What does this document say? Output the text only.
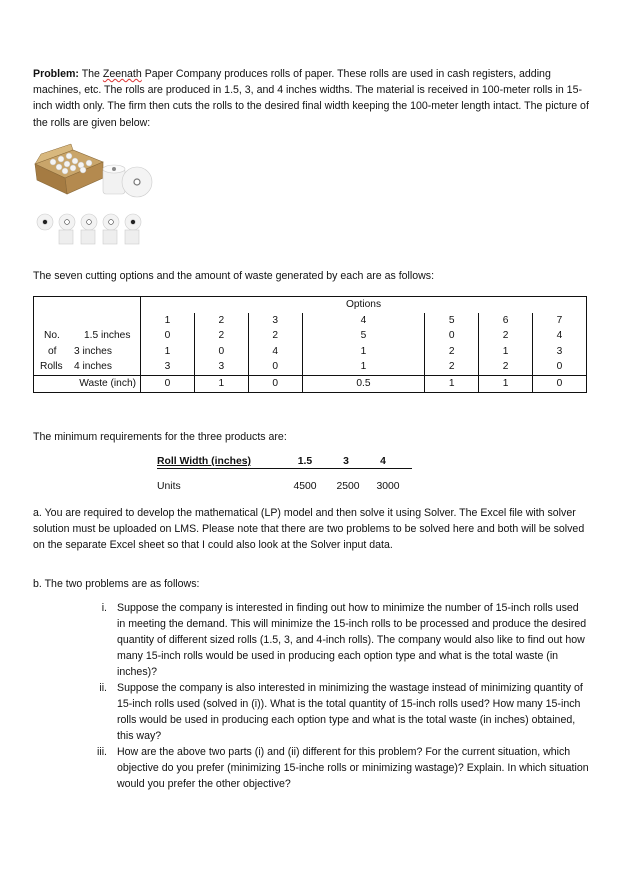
Problem: The Zeenath Paper Company produces rolls of paper. These rolls are used in cash registers, adding machines, etc. The rolls are produced in 1.5, 3, and 4 inches widths. The material is received in 100-meter rolls in 15-inch width only. The firm then cuts the rolls to the desired final width keeping the 100-meter length intact. The picture of the rolls are given below:
The seven cutting options and the amount of waste generated by each are as follows:
	Options						
	1	2	3	4	5	6	7
No. 1.5 inches	0	2	2	5	0	2	4
of 3 inches	1	0	4	1	2	1	3
Rolls 4 inches	3	3	0	1	2	2	0
Waste (inch)	0	1	0	0.5	1	1	0
The minimum requirements for the three products are:
Roll Width (inches)	1.5	3	4
Units	4500	2500	3000
a. You are required to develop the mathematical (LP) model and then solve it using Solver. The Excel file with solver solution must be uploaded on LMS. Please note that there are two problems to be solved here and both will be solved on the separate Excel sheet so that I could also look at the Solver input data.
b. The two problems are as follows:
i. Suppose the company is interested in finding out how to minimize the number of 15-inch rolls used in meeting the demand. This will minimize the 15-inch rolls to be processed and produce the desired quantity of different sized rolls (1.5, 3, and 4-inch rolls). The company would also like to find out how many 15-inch rolls would be used in producing each option type and what is the total waste (in inches)?
ii. Suppose the company is also interested in minimizing the wastage instead of minimizing quantity of 15-inch rolls used (solved in (i)). What is the total quantity of 15-inch rolls used? How many 15-inch rolls would be used in producing each option type and what is the total waste (in inches) obtained, this way?
iii. How are the above two parts (i) and (ii) different for this problem? For the current situation, which objective do you prefer (minimizing 15-inche rolls or minimizing wastage)? Explain. In which situation would you prefer the other objective?
